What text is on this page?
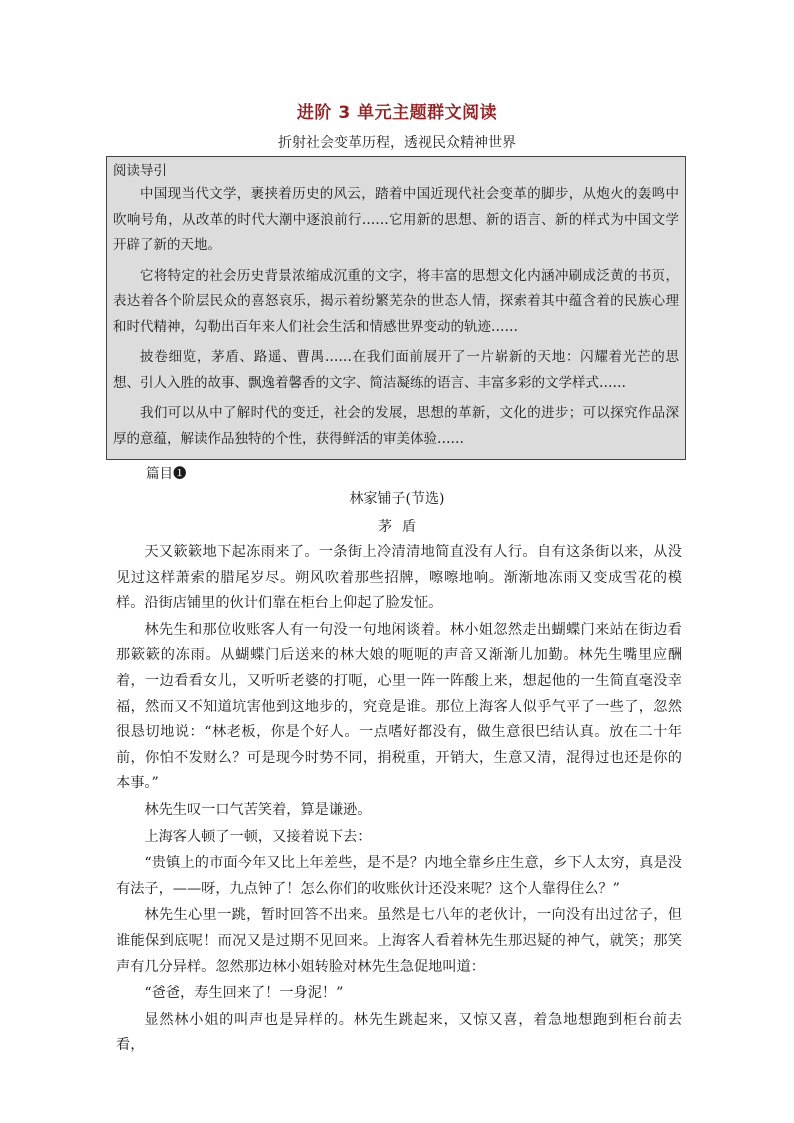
进阶 3 单元主题群文阅读
折射社会变革历程，透视民众精神世界
阅读导引

中国现当代文学，裹挟着历史的风云，踏着中国近现代社会变革的脚步，从炮火的轰鸣中吹响号角，从改革的时代大潮中逐浪前行……它用新的思想、新的语言、新的样式为中国文学开辟了新的天地。

它将特定的社会历史背景浓缩成沉重的文字，将丰富的思想文化内涵冲刷成泛黄的书页，表达着各个阶层民众的喜怒哀乐，揭示着纷繁芜杂的世态人情，探索着其中蕴含着的民族心理和时代精神，勾勒出百年来人们社会生活和情感世界变动的轨迹……

披卷细览，茅盾、路遥、曹禺……在我们面前展开了一片崭新的天地：闪耀着光芒的思想、引人入胜的故事、飘逸着馨香的文字、简洁凝练的语言、丰富多彩的文学样式……

我们可以从中了解时代的变迁，社会的发展，思想的革新，文化的进步；可以探究作品深厚的意蕴，解读作品独特的个性，获得鲜活的审美体验……

篇目❶
林家铺子(节选)
茅盾

天又簌簌地下起冻雨来了。一条街上冷清清地简直没有人行。自有这条街以来，从没见过这样萧索的腊尾岁尽。朔风吹着那些招牌，嚓嚓地响。渐渐地冻雨又变成雪花的模样。沿街店铺里的伙计们靠在柜台上仰起了脸发怔。

林先生和那位收账客人有一句没一句地闲谈着。林小姐忽然走出蝴蝶门来站在街边看那簌簌的冻雨。从蝴蝶门后送来的林大娘的呃呃的声音又渐渐儿加勤。林先生嘴里应酬着，一边看看女儿，又听听老婆的打呃，心里一阵一阵酸上来，想起他的一生简直毫没幸福，然而又不知道坑害他到这地步的，究竟是谁。那位上海客人似乎气平了一些了，忽然很恳切地说：“林老板，你是个好人。一点嗜好都没有，做生意很巴结认真。放在二十年前，你怕不发财么？可是现今时势不同，捐税重，开销大，生意又清，混得过也还是你的本事。”

林先生叹一口气苦笑着，算是谦逊。

上海客人顿了一顿，又接着说下去：

“贵镇上的市面今年又比上年差些，是不是？内地全靠乡庄生意，乡下人太穷，真是没有法子，——呀，九点钟了！怎么你们的收账伙计还没来呢？这个人靠得住么？”

林先生心里一跳，暂时回答不出来。虽然是七八年的老伙计，一向没有出过岔子，但谁能保到底呢！而况又是过期不见回来。上海客人看着林先生那迟疑的神气，就笑；那笑声有几分异样。忽然那边林小姐转脸对林先生急促地叫道：

“爸爸，寿生回来了！一身泥！”

显然林小姐的叫声也是异样的。林先生跳起来，又惊又喜，着急地想跑到柜台前去看，
